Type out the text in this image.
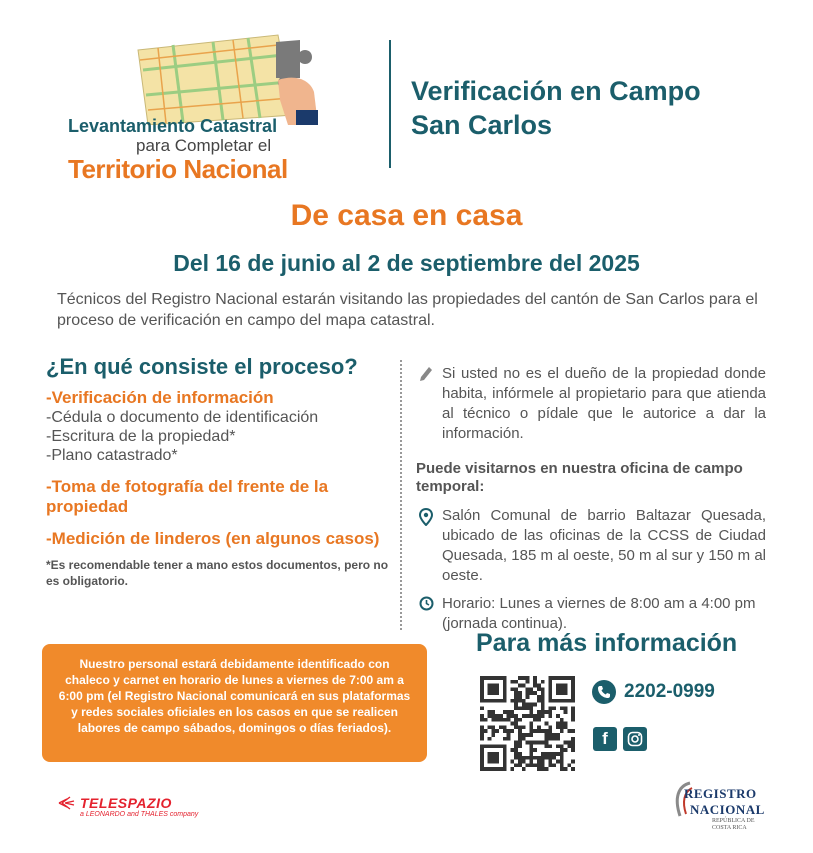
Levantamiento Catastral
para Completar el
Territorio Nacional
Verificación en Campo
San Carlos
De casa en casa
Del 16 de junio al 2 de septiembre del 2025
Técnicos del Registro Nacional estarán visitando las propiedades del cantón de San Carlos para el proceso de verificación en campo del mapa catastral.
¿En qué consiste el proceso?
-Verificación de información
-Cédula o documento de identificación
-Escritura de la propiedad*
-Plano catastrado*
-Toma de fotografía del frente de la propiedad
-Medición de linderos (en algunos casos)
*Es recomendable tener a mano estos documentos, pero no es obligatorio.
Si usted no es el dueño de la propiedad donde habita, infórmele al propietario para que atienda al técnico o pídale que le autorice a dar la información.
Puede visitarnos en nuestra oficina de campo temporal:
Salón Comunal de barrio Baltazar Quesada, ubicado de las oficinas de la CCSS de Ciudad Quesada, 185 m al oeste, 50 m al sur y 150 m al oeste.
Horario: Lunes a viernes de 8:00 am a 4:00 pm (jornada continua).
Para más información
Nuestro personal estará debidamente identificado con chaleco y carnet en horario de lunes a viernes de 7:00 am a 6:00 pm (el Registro Nacional comunicará en sus plataformas y redes sociales oficiales en los casos en que se realicen labores de campo sábados, domingos o días feriados).
2202-0999
f
TELESPAZIO
a LEONARDO and THALES company
REGISTRO
NACIONAL
REPÚBLICA DE
COSTA RICA
